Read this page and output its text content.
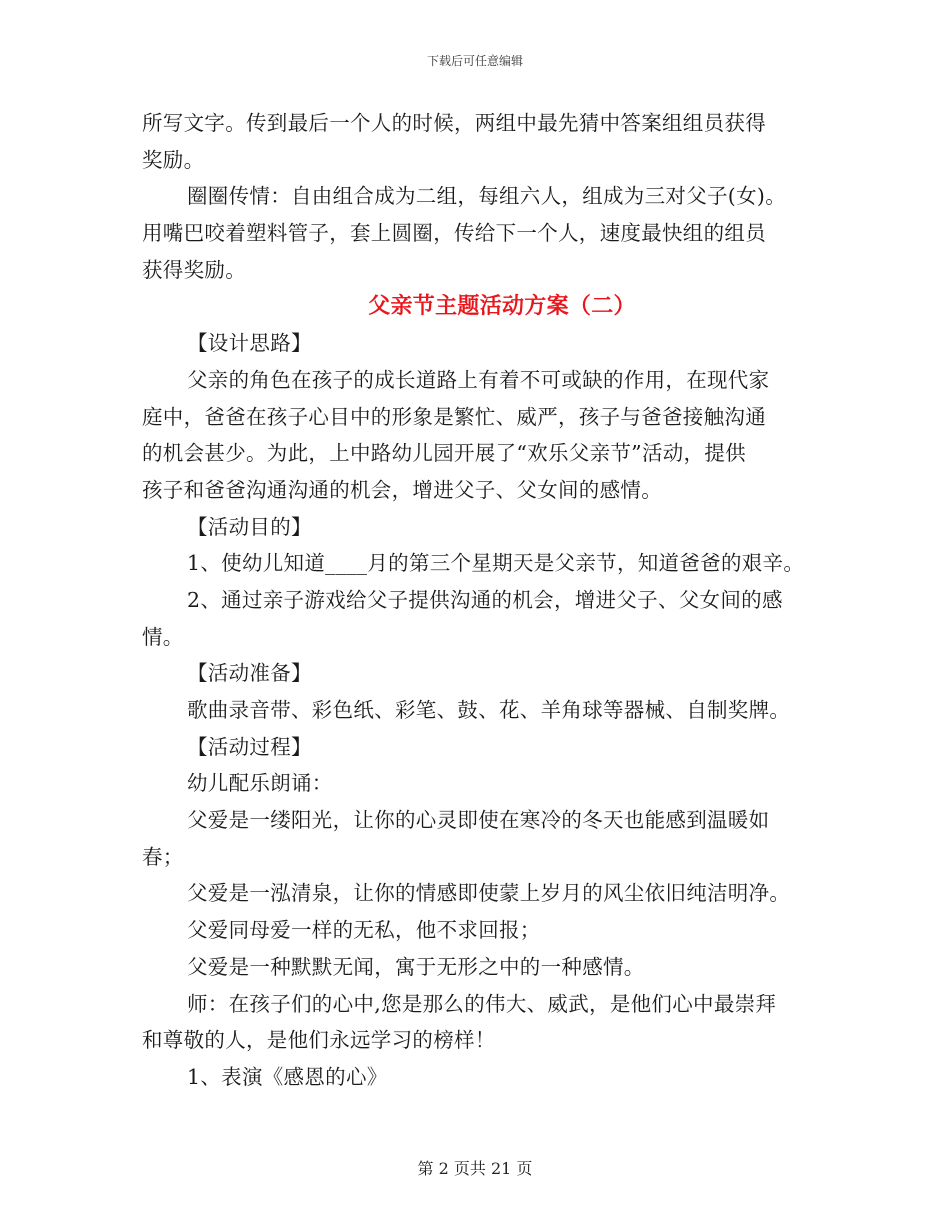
下载后可任意编辑
所写文字。传到最后一个人的时候，两组中最先猜中答案组组员获得
奖励。
圈圈传情：自由组合成为二组，每组六人，组成为三对父子(女)。
用嘴巴咬着塑料管子，套上圆圈，传给下一个人，速度最快组的组员
获得奖励。
父亲节主题活动方案（二）
【设计思路】
父亲的角色在孩子的成长道路上有着不可或缺的作用，在现代家
庭中，爸爸在孩子心目中的形象是繁忙、威严，孩子与爸爸接触沟通
的机会甚少。为此，上中路幼儿园开展了“欢乐父亲节”活动，提供
孩子和爸爸沟通沟通的机会，增进父子、父女间的感情。
【活动目的】
1、使幼儿知道____月的第三个星期天是父亲节，知道爸爸的艰辛。
2、通过亲子游戏给父子提供沟通的机会，增进父子、父女间的感
情。
【活动准备】
歌曲录音带、彩色纸、彩笔、鼓、花、羊角球等器械、自制奖牌。
【活动过程】
幼儿配乐朗诵：
父爱是一缕阳光，让你的心灵即使在寒冷的冬天也能感到温暖如
春；
父爱是一泓清泉，让你的情感即使蒙上岁月的风尘依旧纯洁明净。
父爱同母爱一样的无私，他不求回报；
父爱是一种默默无闻，寓于无形之中的一种感情。
师：在孩子们的心中,您是那么的伟大、威武，是他们心中最崇拜
和尊敬的人，是他们永远学习的榜样！
1、表演《感恩的心》
第 2 页共 21 页
